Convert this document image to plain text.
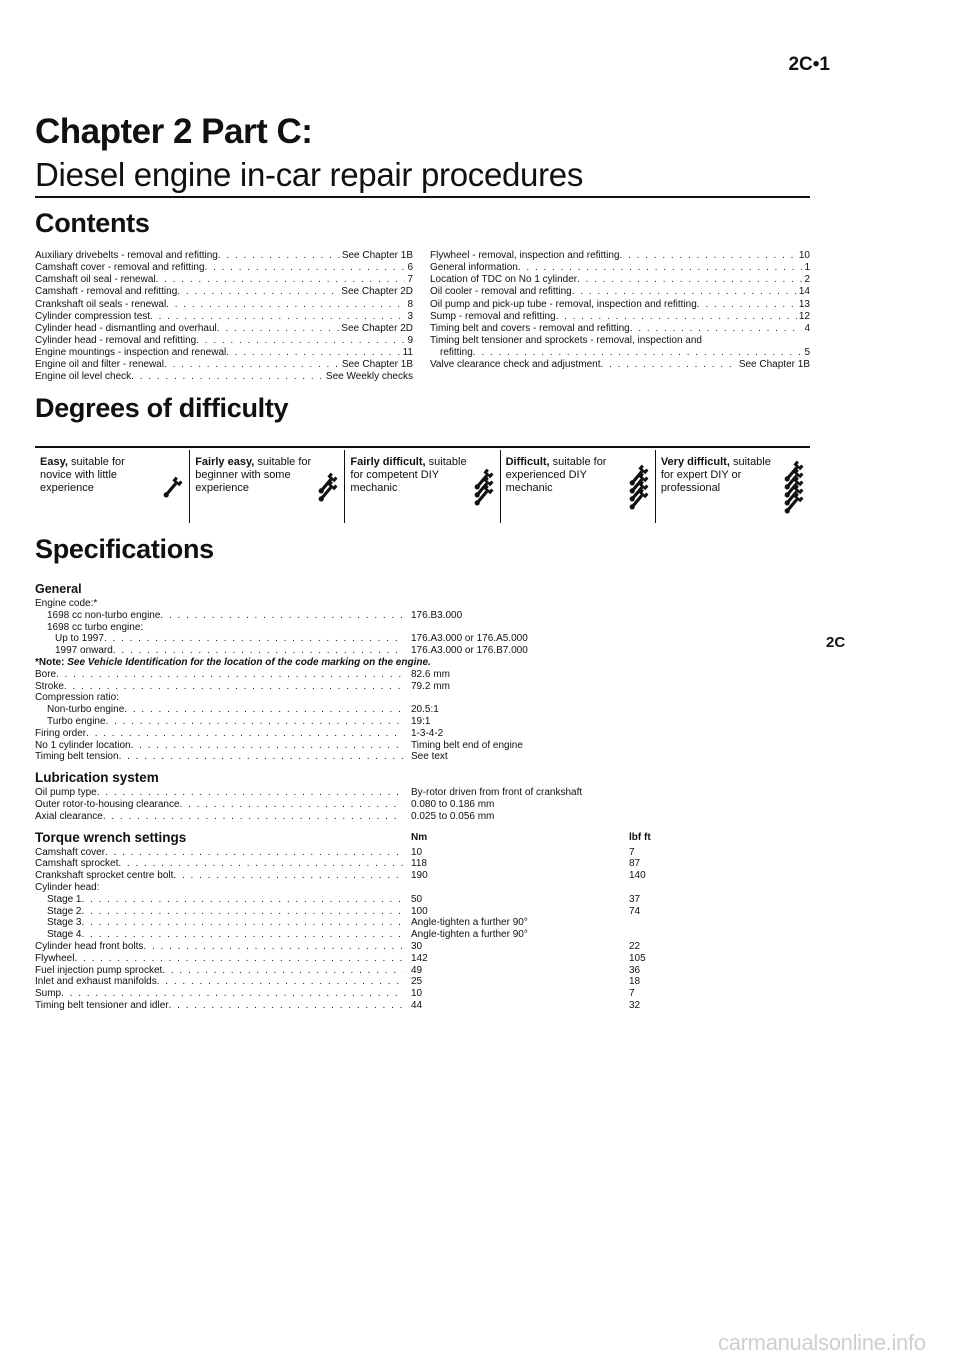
2C•1
Chapter 2 Part C:
Diesel engine in-car repair procedures
Contents
Auxiliary drivebelts - removal and refitting . . .	See Chapter 1B
Camshaft cover - removal and refitting . . .	6
Camshaft oil seal - renewal . . .	7
Camshaft - removal and refitting . . .	See Chapter 2D
Crankshaft oil seals - renewal . . .	8
Cylinder compression test . . .	3
Cylinder head - dismantling and overhaul . . .	See Chapter 2D
Cylinder head - removal and refitting . . .	9
Engine mountings - inspection and renewal . . .	11
Engine oil and filter - renewal . . .	See Chapter 1B
Engine oil level check . . .	See Weekly checks
Flywheel - removal, inspection and refitting . . .	10
General information . . .	1
Location of TDC on No 1 cylinder . . .	2
Oil cooler - removal and refitting . . .	14
Oil pump and pick-up tube - removal, inspection and refitting . . .	13
Sump - removal and refitting . . .	12
Timing belt and covers - removal and refitting . . .	4
Timing belt tensioner and sprockets - removal, inspection and
refitting . . .	5
Valve clearance check and adjustment . . .	See Chapter 1B
Degrees of difficulty
Easy, suitable for novice with little experience
Fairly easy, suitable for beginner with some experience
Fairly difficult, suitable for competent DIY mechanic
Difficult, suitable for experienced DIY mechanic
Very difficult, suitable for expert DIY or professional
Specifications
2C
General
Engine code:*
1698 cc non-turbo engine . . .	176.B3.000
1698 cc turbo engine:
Up to 1997 . . .	176.A3.000 or 176.A5.000
1997 onward . . .	176.A3.000 or 176.B7.000
*Note: See Vehicle Identification for the location of the code marking on the engine.
Bore . . .	82.6 mm
Stroke . . .	79.2 mm
Compression ratio:
Non-turbo engine . . .	20.5:1
Turbo engine . . .	19:1
Firing order . . .	1-3-4-2
No 1 cylinder location . . .	Timing belt end of engine
Timing belt tension . . .	See text
Lubrication system
Oil pump type . . .	By-rotor driven from front of crankshaft
Outer rotor-to-housing clearance . . .	0.080 to 0.186 mm
Axial clearance . . .	0.025 to 0.056 mm
Torque wrench settings	Nm	lbf ft
Camshaft cover . . .	10	7
Camshaft sprocket . . .	118	87
Crankshaft sprocket centre bolt . . .	190	140
Cylinder head:
Stage 1 . . .	50	37
Stage 2 . . .	100	74
Stage 3 . . .	Angle-tighten a further 90°
Stage 4 . . .	Angle-tighten a further 90°
Cylinder head front bolts . . .	30	22
Flywheel . . .	142	105
Fuel injection pump sprocket . . .	49	36
Inlet and exhaust manifolds . . .	25	18
Sump . . .	10	7
Timing belt tensioner and idler . . .	44	32
carmanualsonline.info
